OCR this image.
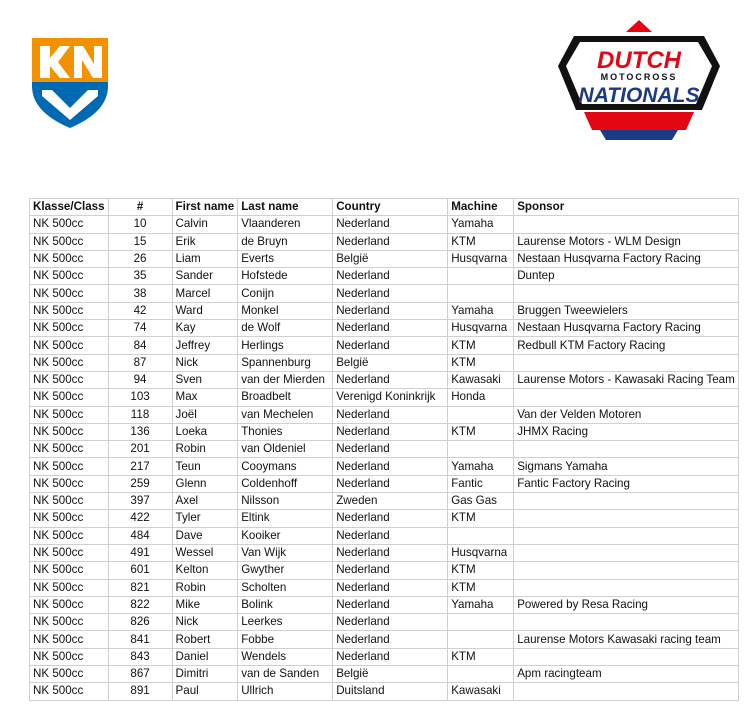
DUTCH
MOTOCROSS
NATIONALS
Klasse/Class	#	First name	Last name	Country	Machine	Sponsor
NK 500cc	10	Calvin	Vlaanderen	Nederland	Yamaha	
NK 500cc	15	Erik	de Bruyn	Nederland	KTM	Laurense Motors - WLM Design
NK 500cc	26	Liam	Everts	België	Husqvarna	Nestaan Husqvarna Factory Racing
NK 500cc	35	Sander	Hofstede	Nederland		Duntep
NK 500cc	38	Marcel	Conijn	Nederland		
NK 500cc	42	Ward	Monkel	Nederland	Yamaha	Bruggen Tweewielers
NK 500cc	74	Kay	de Wolf	Nederland	Husqvarna	Nestaan Husqvarna Factory Racing
NK 500cc	84	Jeffrey	Herlings	Nederland	KTM	Redbull KTM Factory Racing
NK 500cc	87	Nick	Spannenburg	België	KTM	
NK 500cc	94	Sven	van der Mierden	Nederland	Kawasaki	Laurense Motors - Kawasaki Racing Team
NK 500cc	103	Max	Broadbelt	Verenigd Koninkrijk	Honda	
NK 500cc	118	Joël	van Mechelen	Nederland		Van der Velden Motoren
NK 500cc	136	Loeka	Thonies	Nederland	KTM	JHMX Racing
NK 500cc	201	Robin	van Oldeniel	Nederland		
NK 500cc	217	Teun	Cooymans	Nederland	Yamaha	Sigmans Yamaha
NK 500cc	259	Glenn	Coldenhoff	Nederland	Fantic	Fantic Factory Racing
NK 500cc	397	Axel	Nilsson	Zweden	Gas Gas	
NK 500cc	422	Tyler	Eltink	Nederland	KTM	
NK 500cc	484	Dave	Kooiker	Nederland		
NK 500cc	491	Wessel	Van Wijk	Nederland	Husqvarna	
NK 500cc	601	Kelton	Gwyther	Nederland	KTM	
NK 500cc	821	Robin	Scholten	Nederland	KTM	
NK 500cc	822	Mike	Bolink	Nederland	Yamaha	Powered by Resa Racing
NK 500cc	826	Nick	Leerkes	Nederland		
NK 500cc	841	Robert	Fobbe	Nederland		Laurense Motors Kawasaki racing team
NK 500cc	843	Daniel	Wendels	Nederland	KTM	
NK 500cc	867	Dimitri	van de Sanden	België		Apm racingteam
NK 500cc	891	Paul	Ullrich	Duitsland	Kawasaki	
